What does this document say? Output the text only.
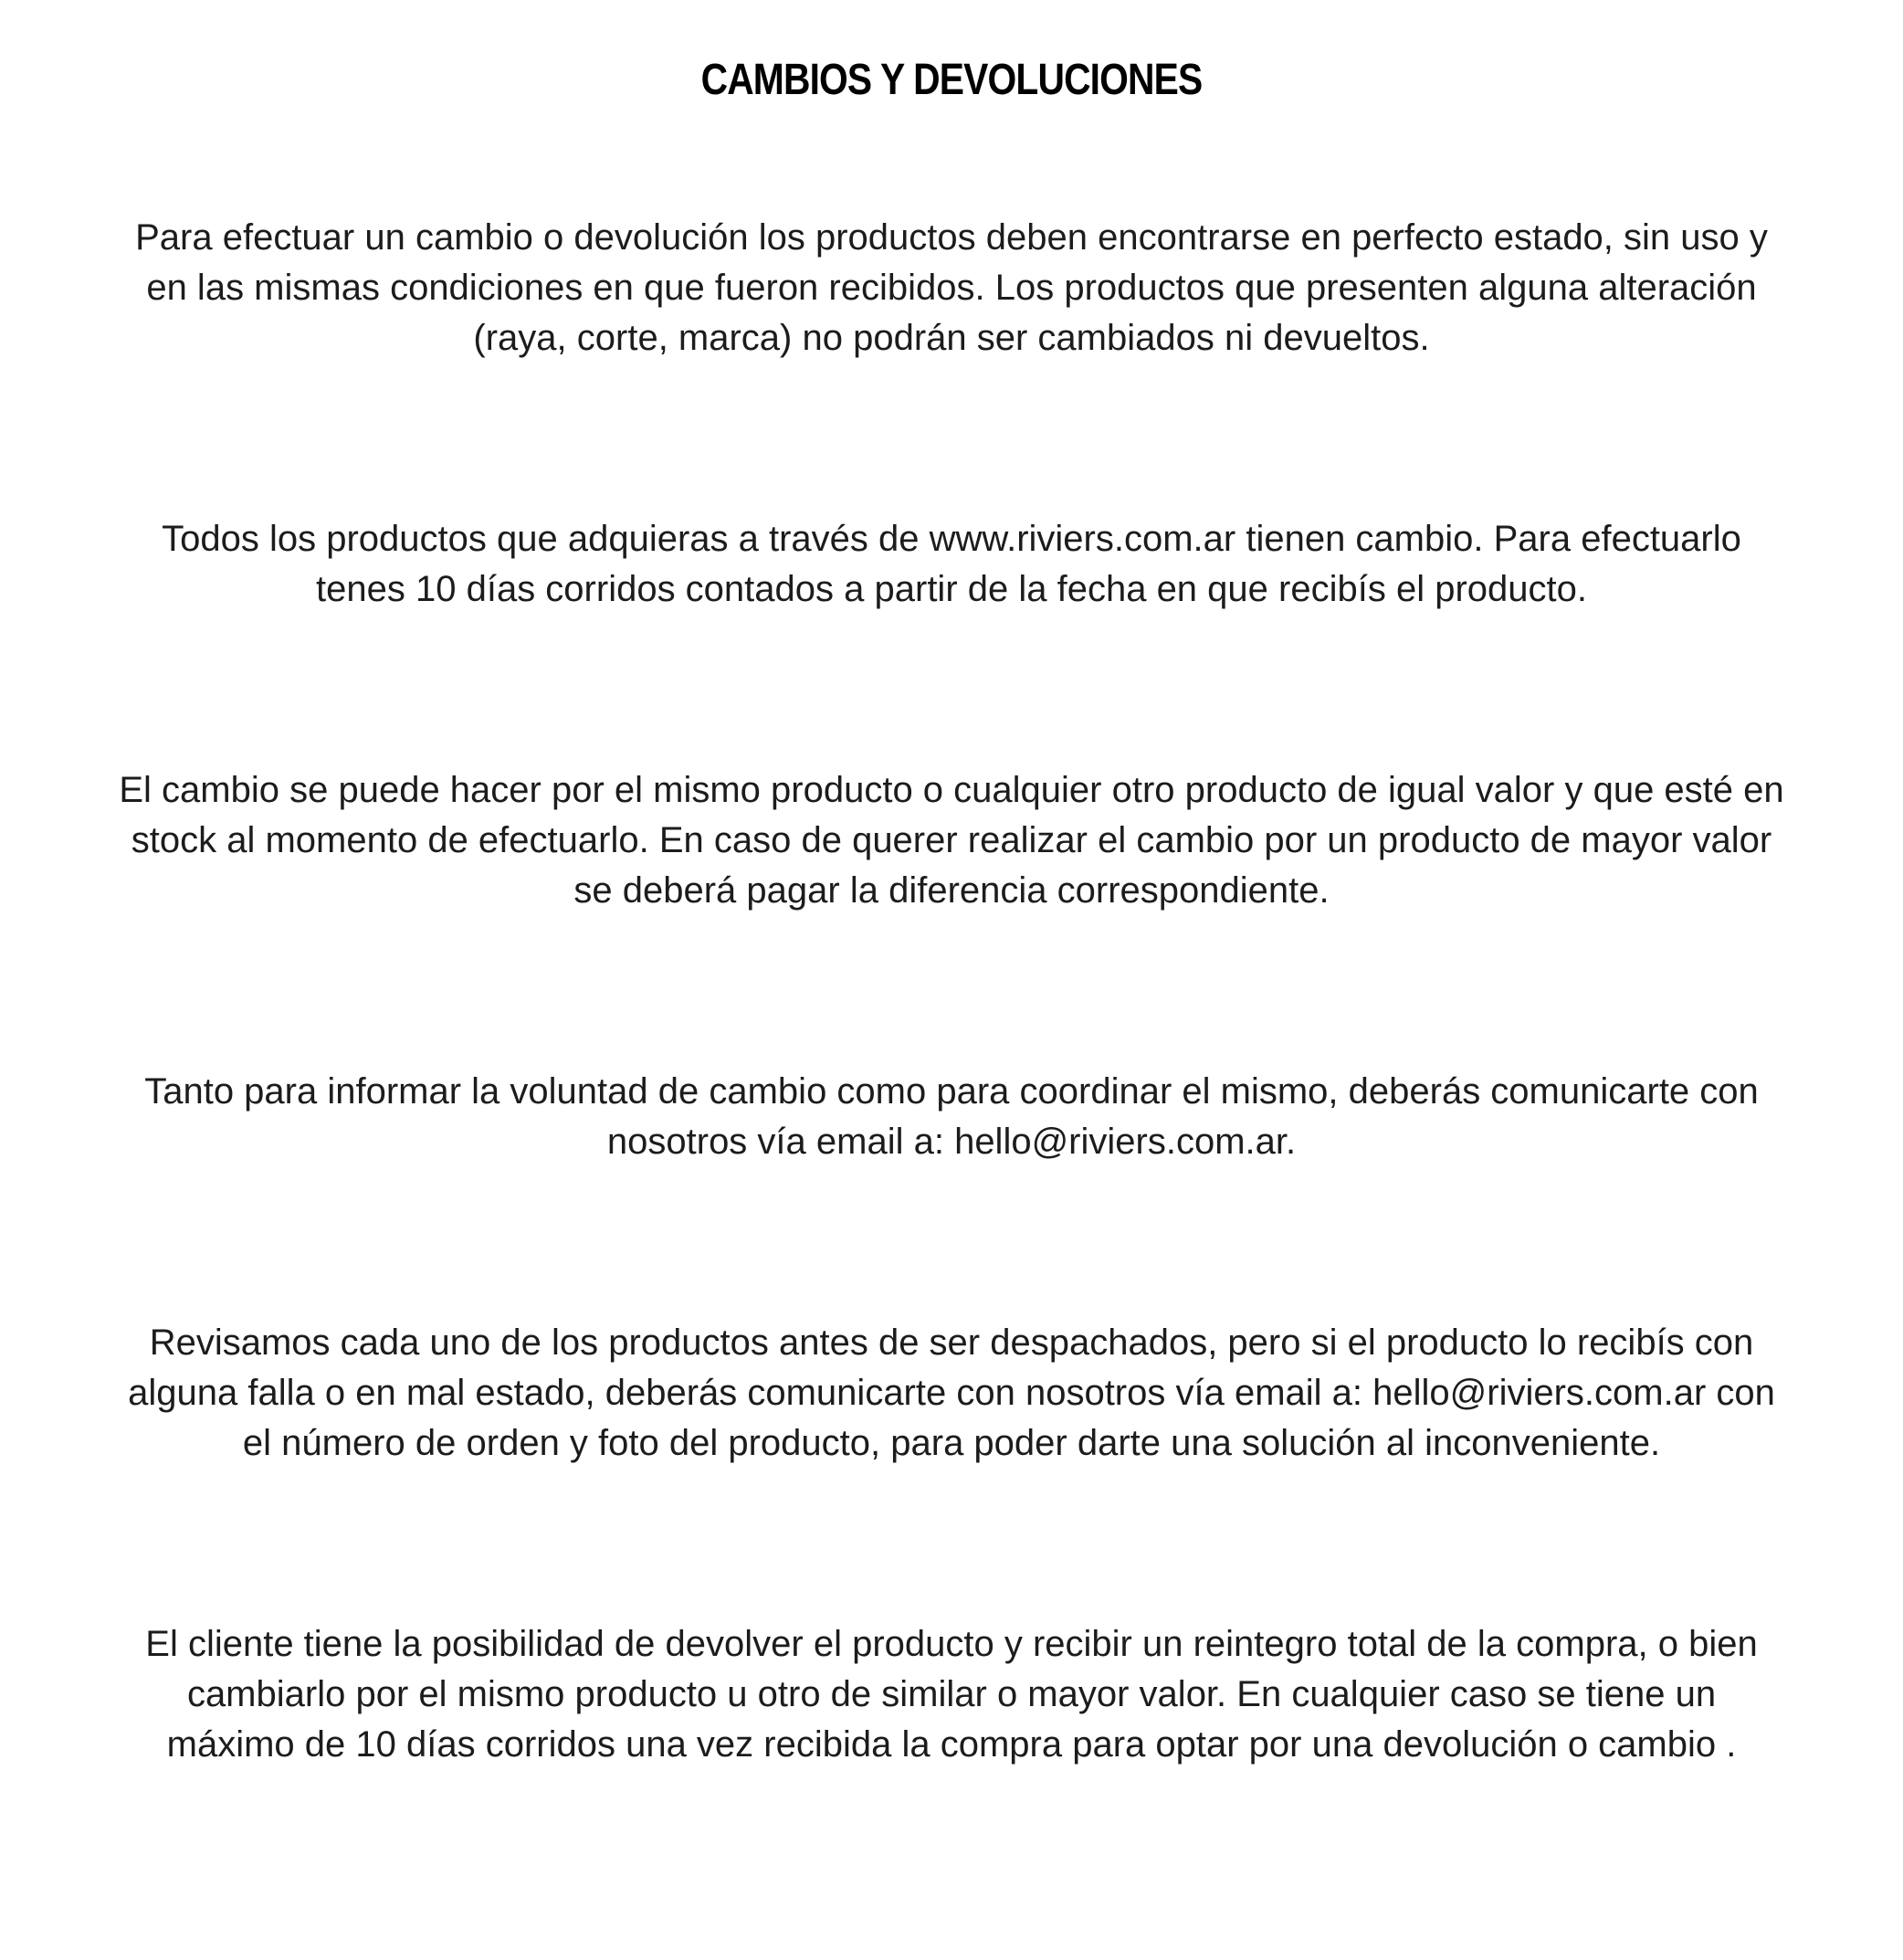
CAMBIOS Y DEVOLUCIONES
Para efectuar un cambio o devolución los productos deben encontrarse en perfecto estado, sin uso y
en las mismas condiciones en que fueron recibidos. Los productos que presenten alguna alteración
(raya, corte, marca) no podrán ser cambiados ni devueltos.
Todos los productos que adquieras a través de www.riviers.com.ar tienen cambio. Para efectuarlo
tenes 10 días corridos contados a partir de la fecha en que recibís el producto.
El cambio se puede hacer por el mismo producto o cualquier otro producto de igual valor y que esté en
stock al momento de efectuarlo. En caso de querer realizar el cambio por un producto de mayor valor
se deberá pagar la diferencia correspondiente.
Tanto para informar la voluntad de cambio como para coordinar el mismo, deberás comunicarte con
nosotros vía email a: hello@riviers.com.ar.
Revisamos cada uno de los productos antes de ser despachados, pero si el producto lo recibís con
alguna falla o en mal estado, deberás comunicarte con nosotros vía email a: hello@riviers.com.ar con
el número de orden y foto del producto, para poder darte una solución al inconveniente.
El cliente tiene la posibilidad de devolver el producto y recibir un reintegro total de la compra, o bien
cambiarlo por el mismo producto u otro de similar o mayor valor. En cualquier caso se tiene un
máximo de 10 días corridos una vez recibida la compra para optar por una devolución o cambio .
